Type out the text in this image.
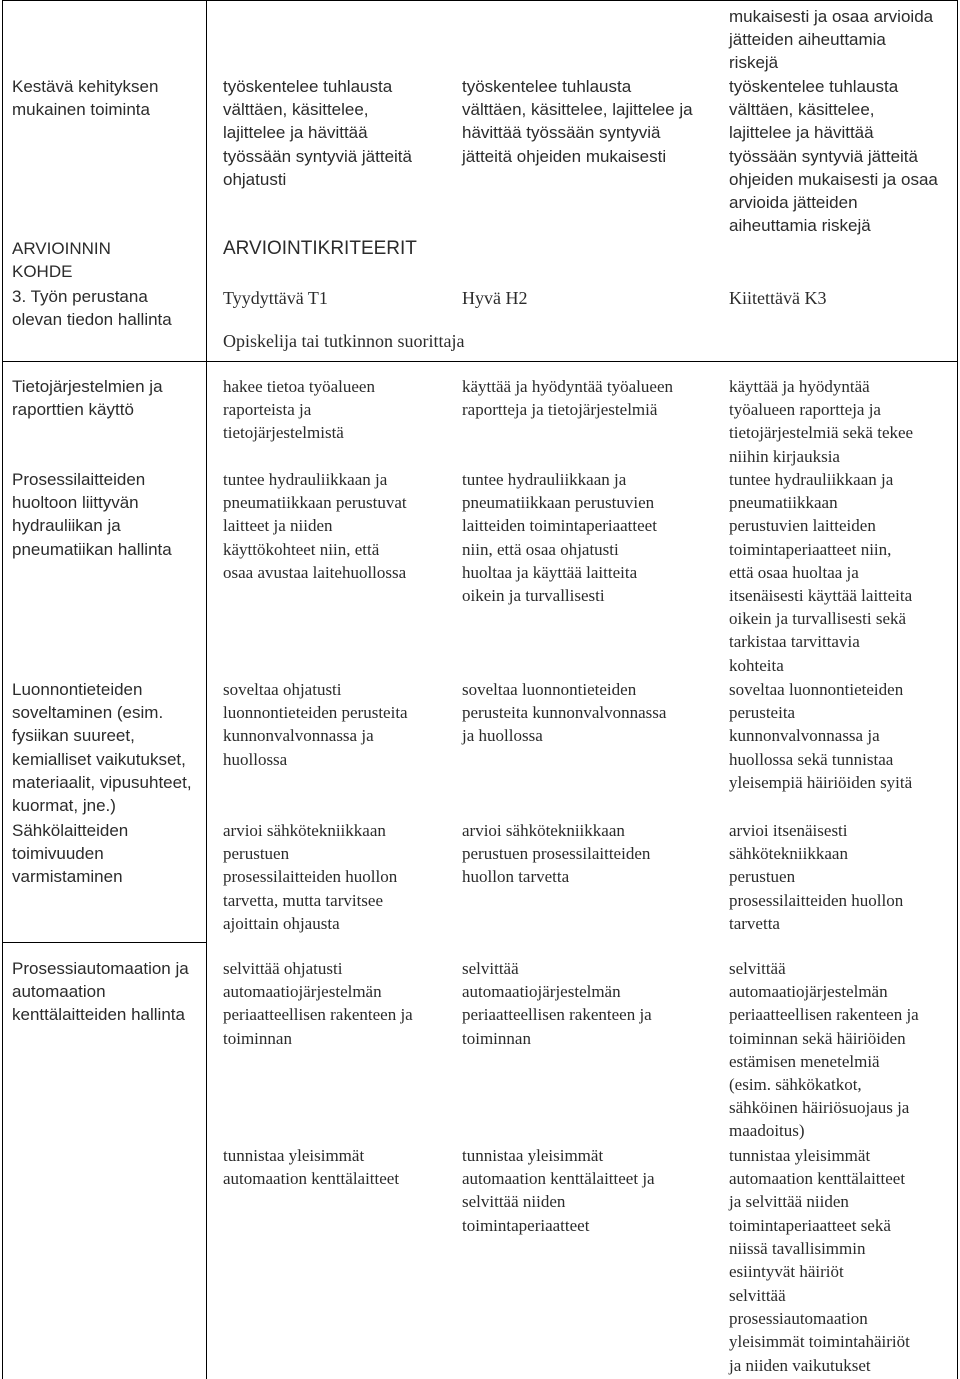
Kestävä kehityksen
mukainen toiminta
työskentelee tuhlausta
välttäen, käsittelee,
lajittelee ja hävittää
työssään syntyviä jätteitä
ohjatusti
työskentelee tuhlausta
välttäen, käsittelee, lajittelee ja
hävittää työssään syntyviä
jätteitä ohjeiden mukaisesti
mukaisesti ja osaa arvioida
jätteiden aiheuttamia
riskejä
työskentelee tuhlausta
välttäen, käsittelee,
lajittelee ja hävittää
työssään syntyviä jätteitä
ohjeiden mukaisesti ja osaa
arvioida jätteiden
aiheuttamia riskejä
ARVIOINNIN
KOHDE
3. Työn perustana
olevan tiedon hallinta
ARVIOINTIKRITEERIT
Tyydyttävä T1	Hyvä H2	Kiitettävä K3
Opiskelija tai tutkinnon suorittaja
Tietojärjestelmien ja
raporttien käyttö
Prosessilaitteiden
huoltoon liittyvän
hydrauliikan ja
pneumatiikan hallinta
Luonnontieteiden
soveltaminen (esim.
fysiikan suureet,
kemialliset vaikutukset,
materiaalit, vipusuhteet,
kuormat, jne.)
Sähkölaitteiden
toimivuuden
varmistaminen
Prosessiautomaation ja
automaation
kenttälaitteiden hallinta
hakee tietoa työalueen
raporteista ja
tietojärjestelmistä
tuntee hydrauliikkaan ja
pneumatiikkaan perustuvat
laitteet ja niiden
käyttökohteet niin, että
osaa avustaa laitehuollossa
soveltaa ohjatusti
luonnontieteiden perusteita
kunnonvalvonnassa ja
huollossa
arvioi sähkötekniikkaan
perustuen
prosessilaitteiden huollon
tarvetta, mutta tarvitsee
ajoittain ohjausta
selvittää ohjatusti
automaatiojärjestelmän
periaatteellisen rakenteen ja
toiminnan
tunnistaa yleisimmät
automaation kenttälaitteet
käyttää ja hyödyntää työalueen
raportteja ja tietojärjestelmiä
tuntee hydrauliikkaan ja
pneumatiikkaan perustuvien
laitteiden toimintaperiaatteet
niin, että osaa ohjatusti
huoltaa ja käyttää laitteita
oikein ja turvallisesti
soveltaa luonnontieteiden
perusteita kunnonvalvonnassa
ja huollossa
arvioi sähkötekniikkaan
perustuen prosessilaitteiden
huollon tarvetta
selvittää
automaatiojärjestelmän
periaatteellisen rakenteen ja
toiminnan
tunnistaa yleisimmät
automaation kenttälaitteet ja
selvittää niiden
toimintaperiaatteet
käyttää ja hyödyntää
työalueen raportteja ja
tietojärjestelmiä sekä tekee
niihin kirjauksia
tuntee hydrauliikkaan ja
pneumatiikkaan
perustuvien laitteiden
toimintaperiaatteet niin,
että osaa huoltaa ja
itsenäisesti käyttää laitteita
oikein ja turvallisesti sekä
tarkistaa tarvittavia
kohteita
soveltaa luonnontieteiden
perusteita
kunnonvalvonnassa ja
huollossa sekä tunnistaa
yleisempiä häiriöiden syitä
arvioi itsenäisesti
sähkötekniikkaan
perustuen
prosessilaitteiden huollon
tarvetta
selvittää
automaatiojärjestelmän
periaatteellisen rakenteen ja
toiminnan sekä häiriöiden
estämisen menetelmiä
(esim. sähkökatkot,
sähköinen häiriösuojaus ja
maadoitus)
tunnistaa yleisimmät
automaation kenttälaitteet
ja selvittää niiden
toimintaperiaatteet sekä
niissä tavallisimmin
esiintyvät häiriöt
selvittää
prosessiautomaation
yleisimmät toimintahäiriöt
ja niiden vaikutukset
